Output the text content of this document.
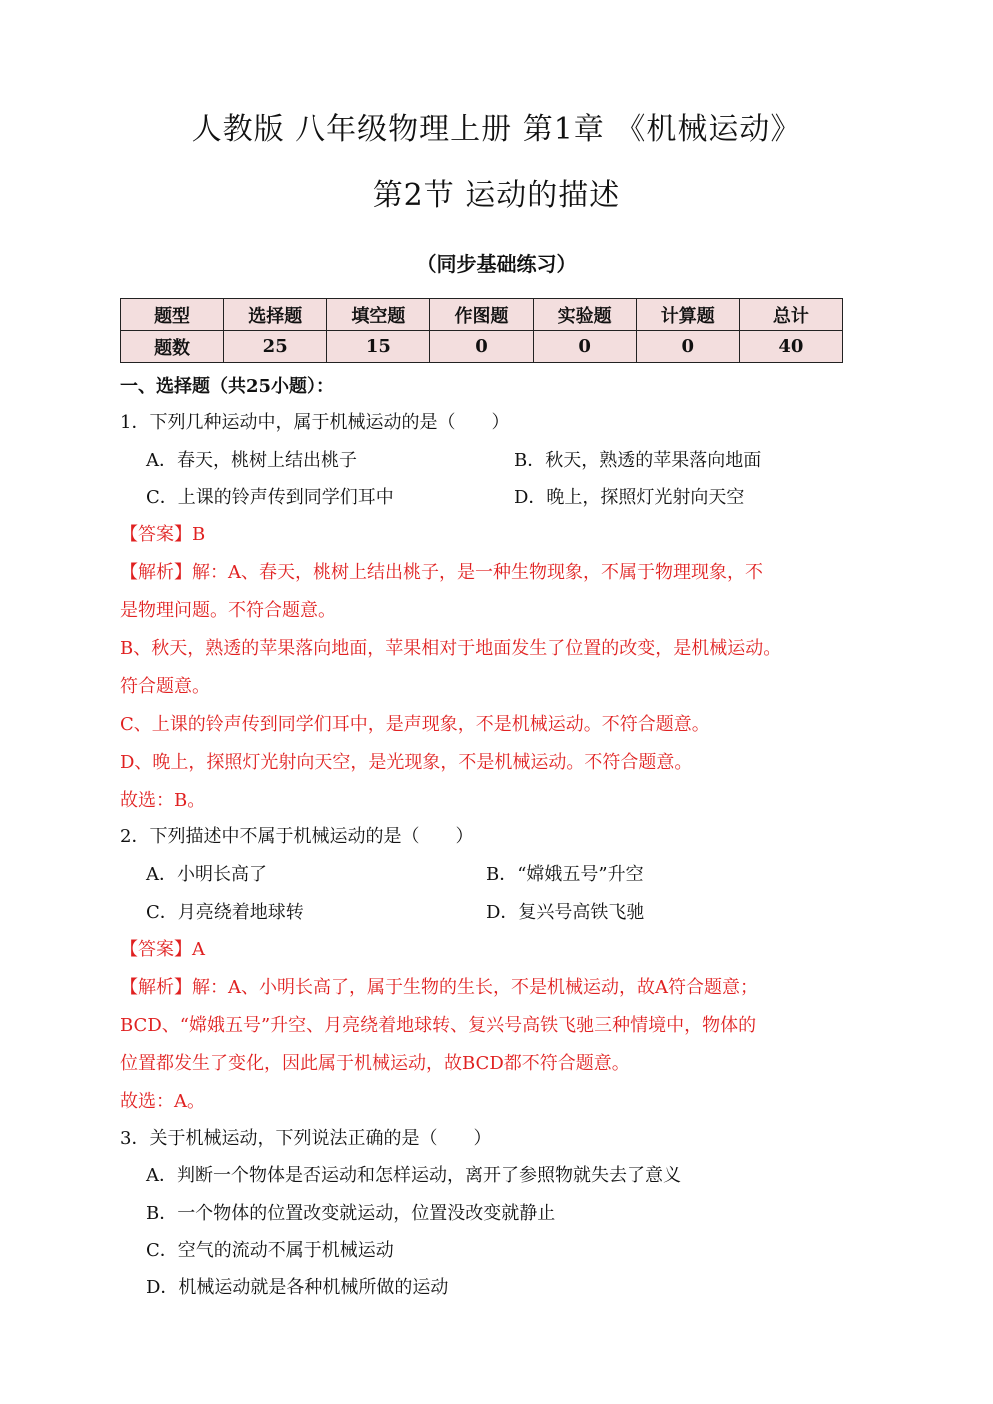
人教版 八年级物理上册 第1章 《机械运动》
第2节 运动的描述
（同步基础练习）
题型	选择题	填空题	作图题	实验题	计算题	总计
题数	25	15	0	0	0	40
一、选择题（共25小题）：
1．下列几种运动中，属于机械运动的是（　　）
A．春天，桃树上结出桃子	B．秋天，熟透的苹果落向地面
C．上课的铃声传到同学们耳中	D．晚上，探照灯光射向天空
【答案】B
【解析】解：A、春天，桃树上结出桃子，是一种生物现象，不属于物理现象，不
是物理问题。不符合题意。
B、秋天，熟透的苹果落向地面，苹果相对于地面发生了位置的改变，是机械运动。
符合题意。
C、上课的铃声传到同学们耳中，是声现象，不是机械运动。不符合题意。
D、晚上，探照灯光射向天空，是光现象，不是机械运动。不符合题意。
故选：B。
2．下列描述中不属于机械运动的是（　　）
A．小明长高了	B．“嫦娥五号”升空
C．月亮绕着地球转	D．复兴号高铁飞驰
【答案】A
【解析】解：A、小明长高了，属于生物的生长，不是机械运动，故A符合题意；
BCD、“嫦娥五号”升空、月亮绕着地球转、复兴号高铁飞驰三种情境中，物体的
位置都发生了变化，因此属于机械运动，故BCD都不符合题意。
故选：A。
3．关于机械运动，下列说法正确的是（　　）
A．判断一个物体是否运动和怎样运动，离开了参照物就失去了意义
B．一个物体的位置改变就运动，位置没改变就静止
C．空气的流动不属于机械运动
D．机械运动就是各种机械所做的运动
